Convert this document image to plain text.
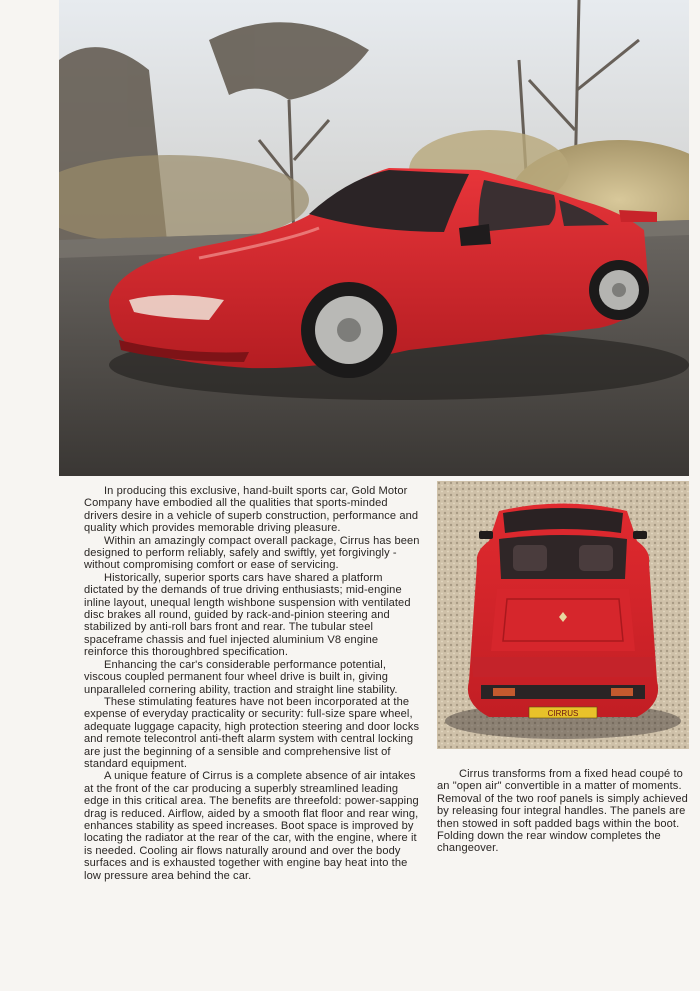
CIRRUS

In producing this exclusive, hand-built sports car, Gold Motor Company have embodied all the qualities that sports-minded drivers desire in a vehicle of superb construction, performance and quality which provides memorable driving pleasure.

Within an amazingly compact overall package, Cirrus has been designed to perform reliably, safely and swiftly, yet forgivingly - without compromising comfort or ease of servicing.

Historically, superior sports cars have shared a platform dictated by the demands of true driving enthusiasts; mid-engine inline layout, unequal length wishbone suspension with ventilated disc brakes all round, guided by rack-and-pinion steering and stabilized by anti-roll bars front and rear. The tubular steel spaceframe chassis and fuel injected aluminium V8 engine reinforce this thoroughbred specification.

Enhancing the car's considerable performance potential, viscous coupled permanent four wheel drive is built in, giving unparalleled cornering ability, traction and straight line stability.

These stimulating features have not been incorporated at the expense of everyday practicality or security: full-size spare wheel, adequate luggage capacity, high protection steering and door locks and remote telecontrol anti-theft alarm system with central locking are just the beginning of a sensible and comprehensive list of standard equipment.

A unique feature of Cirrus is a complete absence of air intakes at the front of the car producing a superbly streamlined leading edge in this critical area. The benefits are threefold: power-sapping drag is reduced. Airflow, aided by a smooth flat floor and rear wing, enhances stability as speed increases. Boot space is improved by locating the radiator at the rear of the car, with the engine, where it is needed. Cooling air flows naturally around and over the body surfaces and is exhausted together with engine bay heat into the low pressure area behind the car.

Cirrus transforms from a fixed head coupé to an "open air" convertible in a matter of moments. Removal of the two roof panels is simply achieved by releasing four integral handles. The panels are then stowed in soft padded bags within the boot. Folding down the rear window completes the changeover.
